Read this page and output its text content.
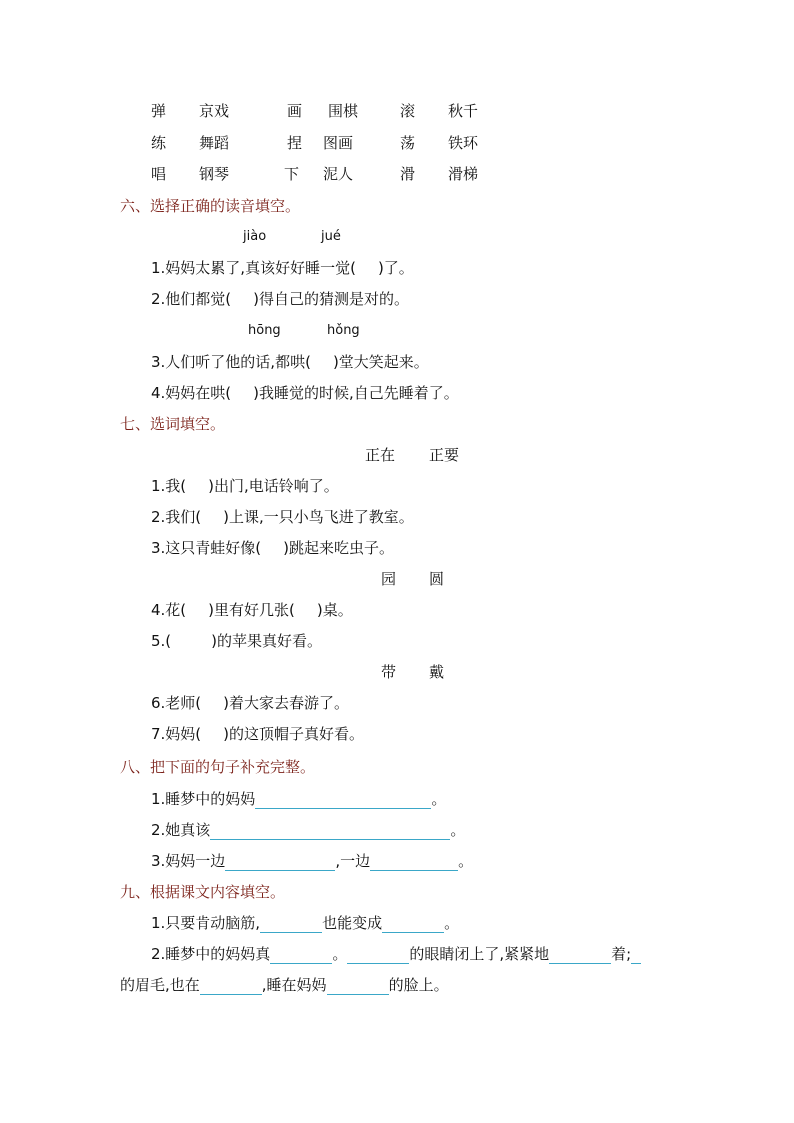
弹 京戏	画 围棋	滚 秋千
练 舞蹈	捏 图画	荡 铁环
唱 钢琴	下 泥人	滑 滑梯
六、选择正确的读音填空。
jiào	jué
1.妈妈太累了,真该好好睡一觉( )了。
2.他们都觉( )得自己的猜测是对的。
hōng	hǒng
3.人们听了他的话,都哄( )堂大笑起来。
4.妈妈在哄( )我睡觉的时候,自己先睡着了。
七、选词填空。
正在 正要
1.我( )出门,电话铃响了。
2.我们( )上课,一只小鸟飞进了教室。
3.这只青蛙好像( )跳起来吃虫子。
园 圆
4.花( )里有好几张( )桌。
5.(	)的苹果真好看。
带 戴
6.老师( )着大家去春游了。
7.妈妈( )的这顶帽子真好看。
八、把下面的句子补充完整。
1.睡梦中的妈妈	。
2.她真该	。
3.妈妈一边	,一边	。
九、根据课文内容填空。
1.只要肯动脑筋,	也能变成	。
2.睡梦中的妈妈真	。	的眼睛闭上了,紧紧地	着;
的眉毛,也在	,睡在妈妈	的脸上。
